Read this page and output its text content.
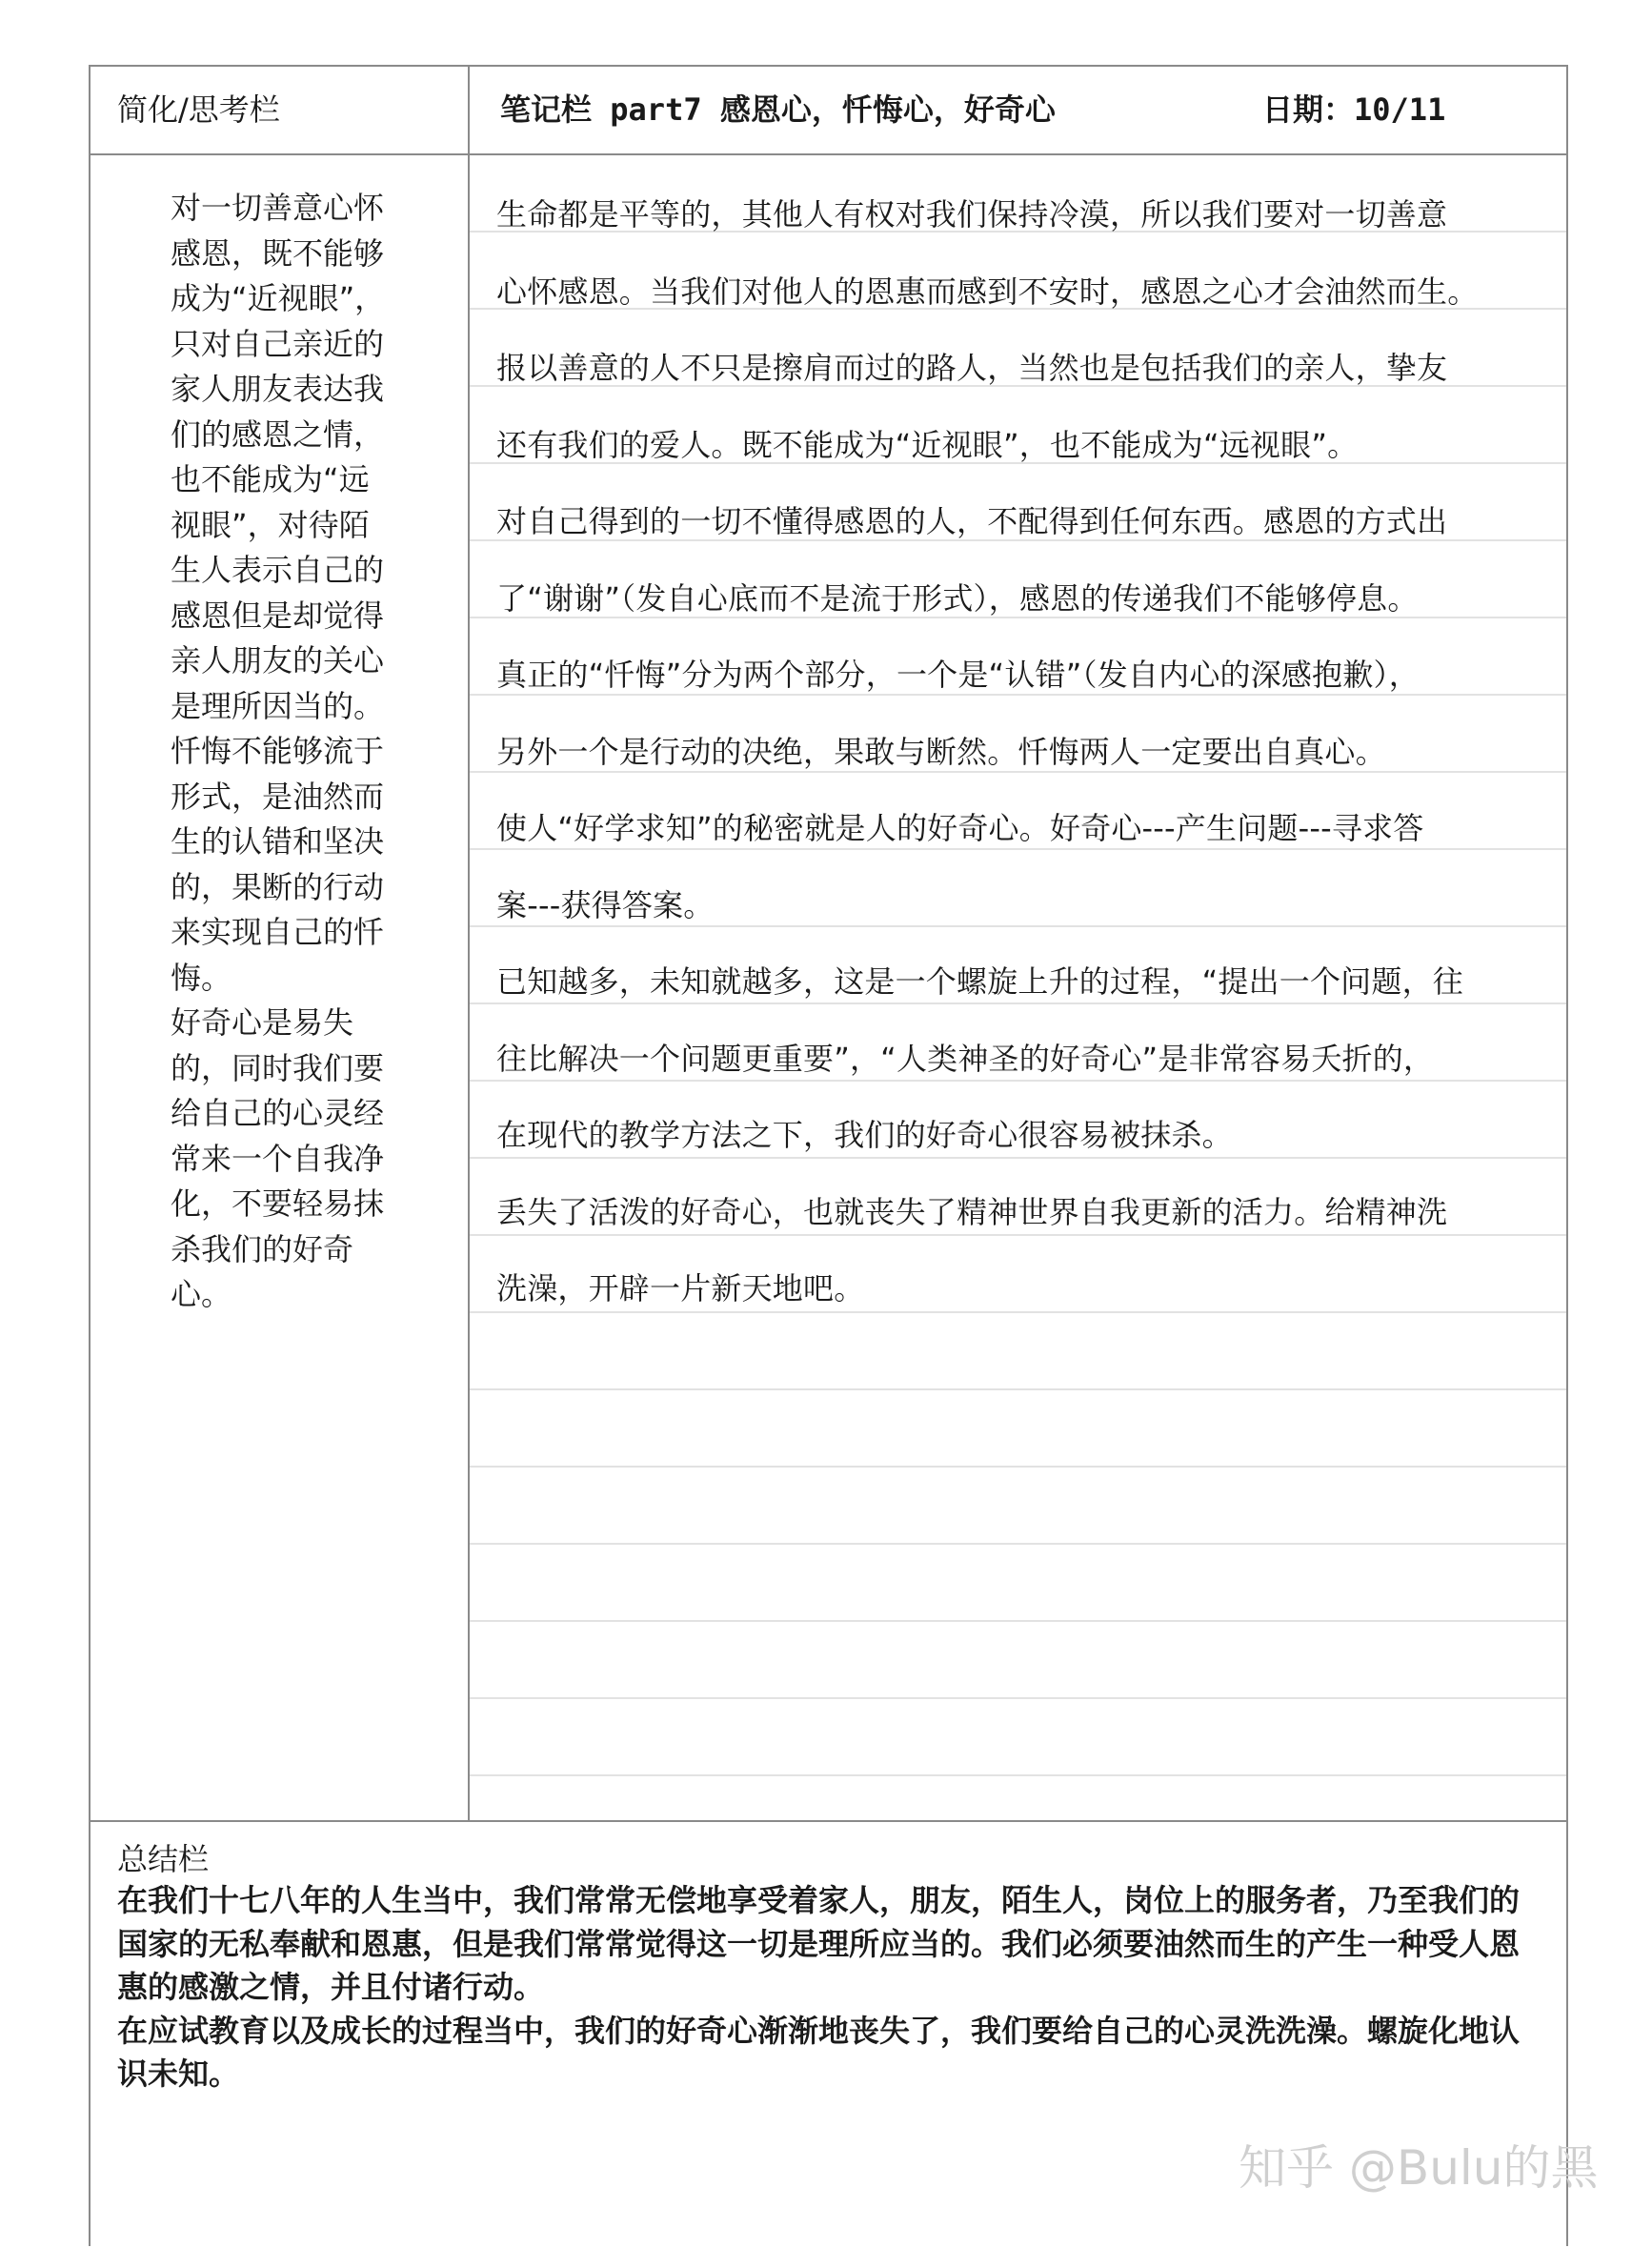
简化/思考栏	笔记栏 part7 感恩心，忏悔心，好奇心	日期：10/11

对一切善意心怀感恩，既不能够成为“近视眼”，只对自己亲近的家人朋友表达我们的感恩之情，也不能成为“远视眼”，对待陌生人表示自己的感恩但是却觉得亲人朋友的关心是理所因当的。

忏悔不能够流于形式，是油然而生的认错和坚决的，果断的行动来实现自己的忏悔。

好奇心是易失的，同时我们要给自己的心灵经常来一个自我净化，不要轻易抹杀我们的好奇心。

生命都是平等的，其他人有权对我们保持冷漠，所以我们要对一切善意

心怀感恩。当我们对他人的恩惠而感到不安时，感恩之心才会油然而生。

报以善意的人不只是擦肩而过的路人，当然也是包括我们的亲人，挚友

还有我们的爱人。既不能成为“近视眼”，也不能成为“远视眼”。

对自己得到的一切不懂得感恩的人，不配得到任何东西。感恩的方式出

了“谢谢”（发自心底而不是流于形式），感恩的传递我们不能够停息。

真正的“忏悔”分为两个部分，一个是“认错”（发自内心的深感抱歉），

另外一个是行动的决绝，果敢与断然。忏悔两人一定要出自真心。

使人“好学求知”的秘密就是人的好奇心。好奇心---产生问题---寻求答

案---获得答案。

已知越多，未知就越多，这是一个螺旋上升的过程，“提出一个问题，往

往比解决一个问题更重要”，“人类神圣的好奇心”是非常容易夭折的，

在现代的教学方法之下，我们的好奇心很容易被抹杀。

丢失了活泼的好奇心，也就丧失了精神世界自我更新的活力。给精神洗

洗澡，开辟一片新天地吧。

总结栏

在我们十七八年的人生当中，我们常常无偿地享受着家人，朋友，陌生人，岗位上的服务者，乃至我们的国家的无私奉献和恩惠，但是我们常常觉得这一切是理所应当的。我们必须要油然而生的产生一种受人恩惠的感激之情，并且付诸行动。

在应试教育以及成长的过程当中，我们的好奇心渐渐地丧失了，我们要给自己的心灵洗洗澡。螺旋化地认识未知。

知乎 @Bulu的黑
